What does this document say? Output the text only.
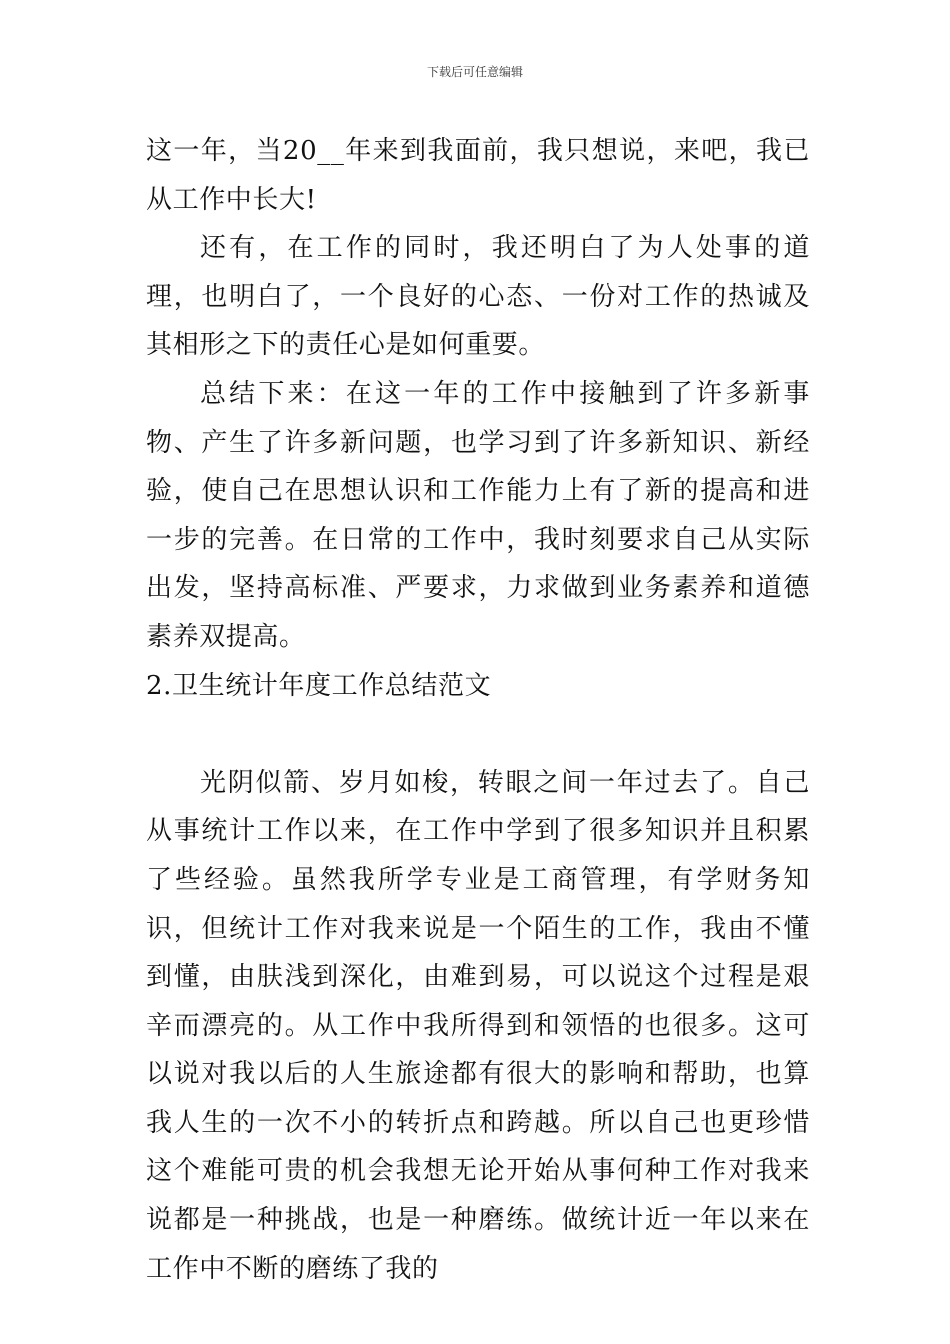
下载后可任意编辑

这一年，当20__年来到我面前，我只想说，来吧，我已从工作中长大!

还有，在工作的同时，我还明白了为人处事的道理，也明白了，一个良好的心态、一份对工作的热诚及其相形之下的责任心是如何重要。

总结下来：在这一年的工作中接触到了许多新事物、产生了许多新问题，也学习到了许多新知识、新经验，使自己在思想认识和工作能力上有了新的提高和进一步的完善。在日常的工作中，我时刻要求自己从实际出发，坚持高标准、严要求，力求做到业务素养和道德素养双提高。

2.卫生统计年度工作总结范文

光阴似箭、岁月如梭，转眼之间一年过去了。自己从事统计工作以来，在工作中学到了很多知识并且积累了些经验。虽然我所学专业是工商管理，有学财务知识，但统计工作对我来说是一个陌生的工作，我由不懂到懂，由肤浅到深化，由难到易，可以说这个过程是艰辛而漂亮的。从工作中我所得到和领悟的也很多。这可以说对我以后的人生旅途都有很大的影响和帮助，也算我人生的一次不小的转折点和跨越。所以自己也更珍惜这个难能可贵的机会我想无论开始从事何种工作对我来说都是一种挑战，也是一种磨练。做统计近一年以来在工作中不断的磨练了我的
